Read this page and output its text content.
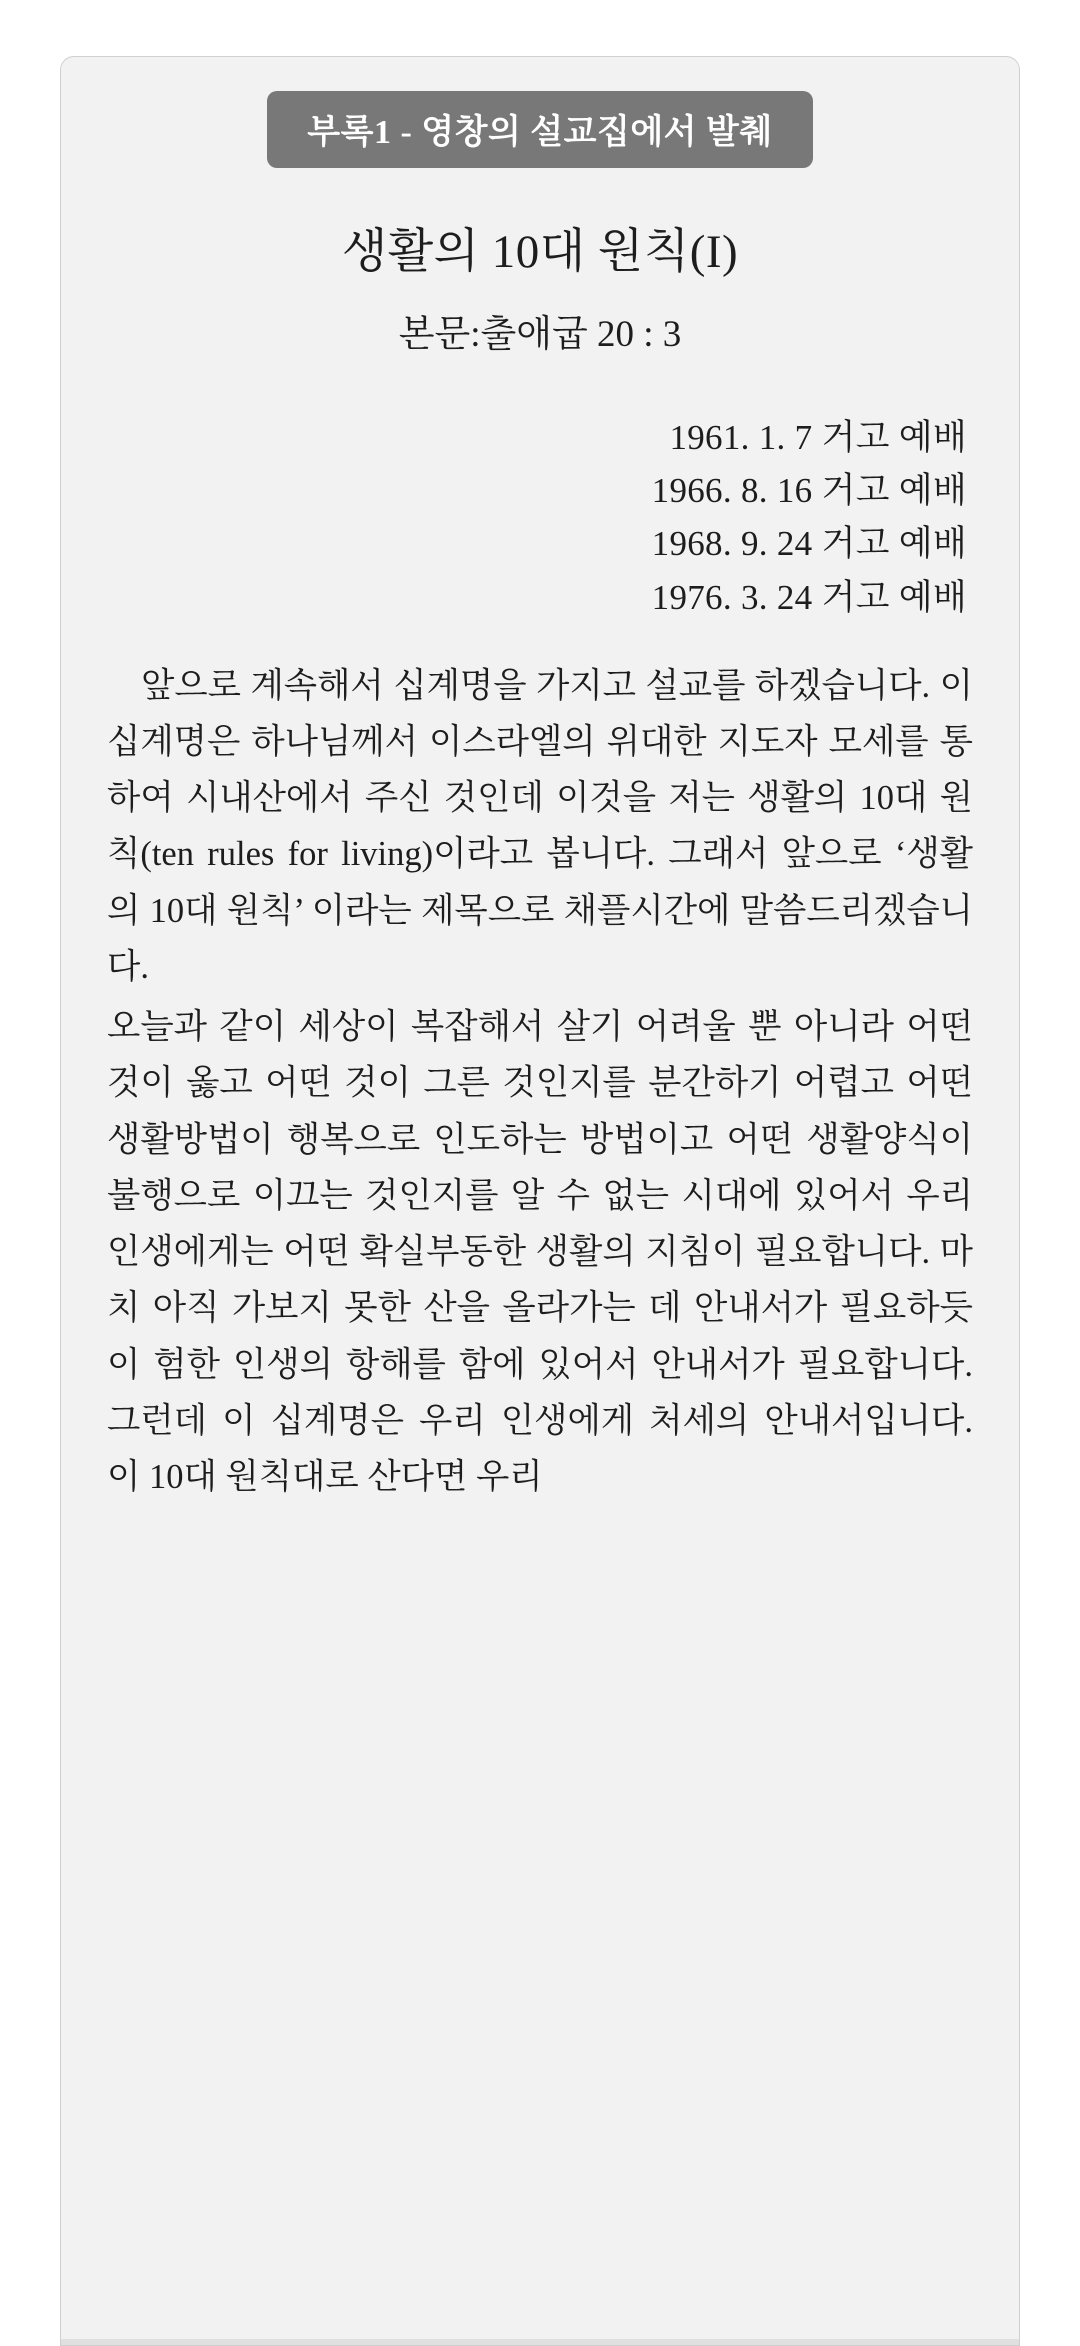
부록1 - 영창의 설교집에서 발췌
생활의 10대 원칙(I)
본문:출애굽 20 : 3
1961. 1. 7 거고 예배
1966. 8. 16 거고 예배
1968. 9. 24 거고 예배
1976. 3. 24 거고 예배

앞으로 계속해서 십계명을 가지고 설교를 하겠습니다. 이 십계명은 하나님께서 이스라엘의 위대한 지도자 모세를 통하여 시내산에서 주신 것인데 이것을 저는 생활의 10대 원칙(ten rules for living)이라고 봅니다. 그래서 앞으로 ‘생활의 10대 원칙’ 이라는 제목으로 채플시간에 말씀드리겠습니다.

오늘과 같이 세상이 복잡해서 살기 어려울 뿐 아니라 어떤 것이 옳고 어떤 것이 그른 것인지를 분간하기 어렵고 어떤 생활방법이 행복으로 인도하는 방법이고 어떤 생활양식이 불행으로 이끄는 것인지를 알 수 없는 시대에 있어서 우리 인생에게는 어떤 확실부동한 생활의 지침이 필요합니다. 마치 아직 가보지 못한 산을 올라가는 데 안내서가 필요하듯이 험한 인생의 항해를 함에 있어서 안내서가 필요합니다. 그런데 이 십계명은 우리 인생에게 처세의 안내서입니다. 이 10대 원칙대로 산다면 우리
